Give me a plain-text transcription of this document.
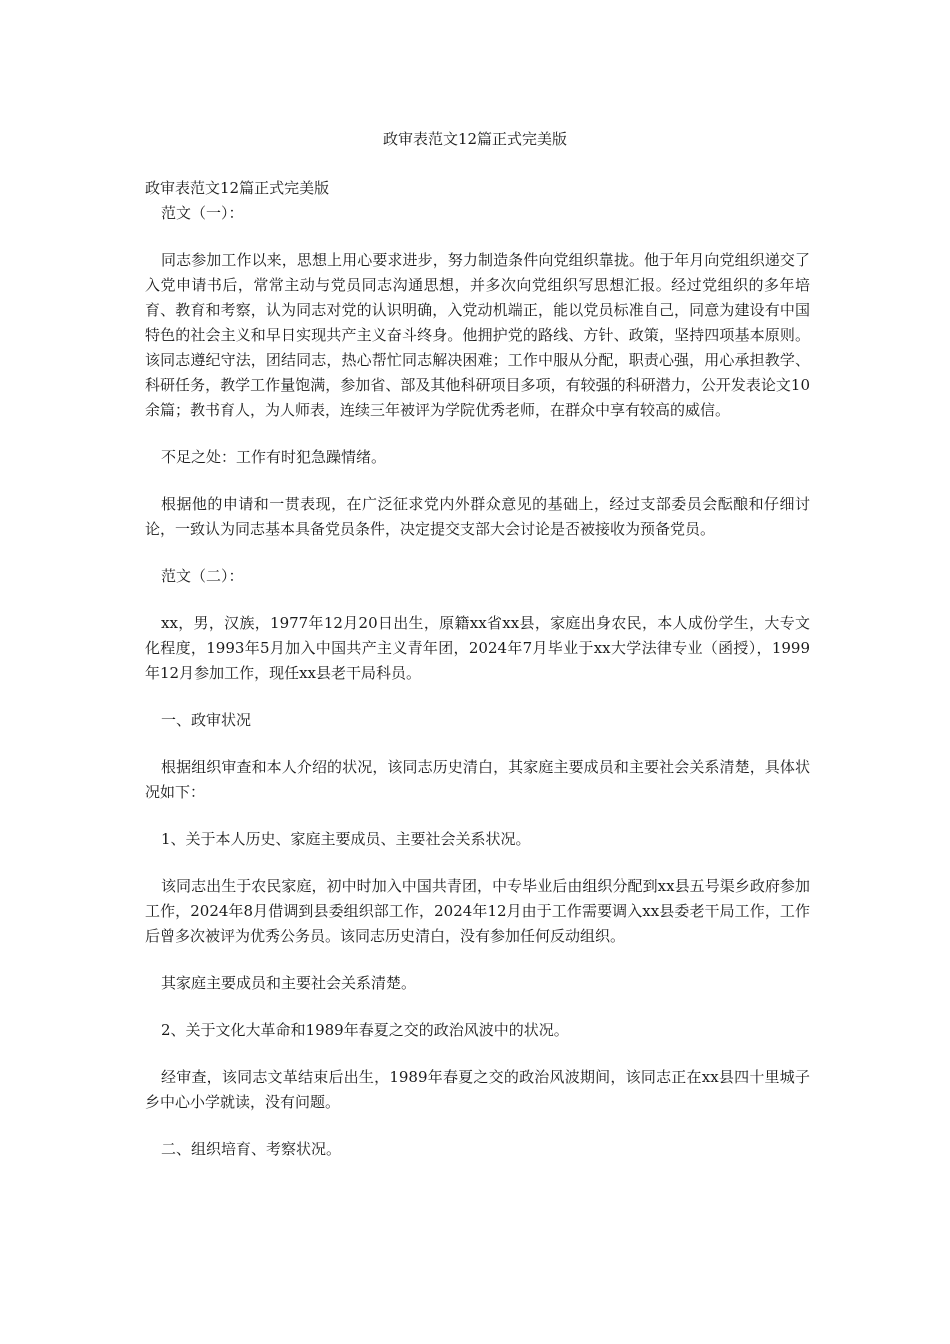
政审表范文12篇正式完美版

政审表范文12篇正式完美版

范文（一）：

同志参加工作以来，思想上用心要求进步，努力制造条件向党组织靠拢。他于年月向党组织递交了入党申请书后，常常主动与党员同志沟通思想，并多次向党组织写思想汇报。经过党组织的多年培育、教育和考察，认为同志对党的认识明确，入党动机端正，能以党员标准自己，同意为建设有中国特色的社会主义和早日实现共产主义奋斗终身。他拥护党的路线、方针、政策，坚持四项基本原则。该同志遵纪守法，团结同志，热心帮忙同志解决困难；工作中服从分配，职责心强，用心承担教学、科研任务，教学工作量饱满，参加省、部及其他科研项目多项，有较强的科研潜力，公开发表论文10余篇；教书育人，为人师表，连续三年被评为学院优秀老师，在群众中享有较高的威信。

不足之处：工作有时犯急躁情绪。

根据他的申请和一贯表现，在广泛征求党内外群众意见的基础上，经过支部委员会酝酿和仔细讨论，一致认为同志基本具备党员条件，决定提交支部大会讨论是否被接收为预备党员。

范文（二）：

xx，男，汉族，1977年12月20日出生，原籍xx省xx县，家庭出身农民，本人成份学生，大专文化程度，1993年5月加入中国共产主义青年团，2024年7月毕业于xx大学法律专业（函授），1999年12月参加工作，现任xx县老干局科员。

一、政审状况

根据组织审查和本人介绍的状况，该同志历史清白，其家庭主要成员和主要社会关系清楚，具体状况如下：

1、关于本人历史、家庭主要成员、主要社会关系状况。

该同志出生于农民家庭，初中时加入中国共青团，中专毕业后由组织分配到xx县五号渠乡政府参加工作，2024年8月借调到县委组织部工作，2024年12月由于工作需要调入xx县委老干局工作，工作后曾多次被评为优秀公务员。该同志历史清白，没有参加任何反动组织。

其家庭主要成员和主要社会关系清楚。

2、关于文化大革命和1989年春夏之交的政治风波中的状况。

经审查，该同志文革结束后出生，1989年春夏之交的政治风波期间，该同志正在xx县四十里城子乡中心小学就读，没有问题。

二、组织培育、考察状况。
